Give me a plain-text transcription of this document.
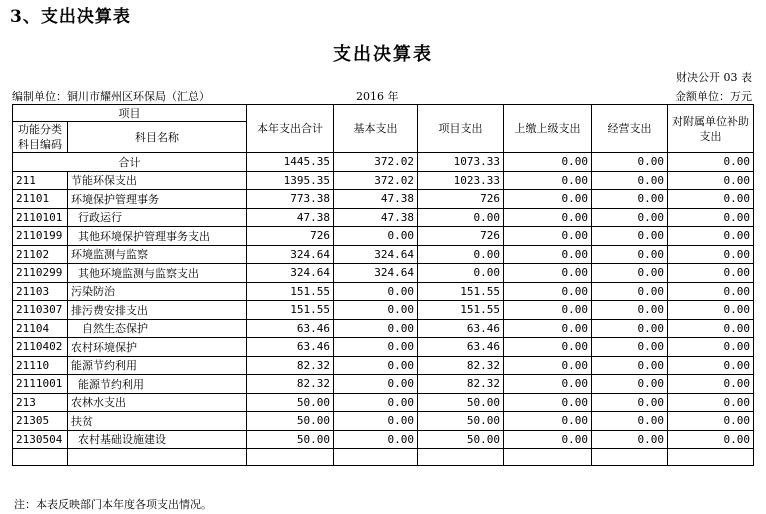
3、支出决算表
支出决算表
财决公开 03 表
编制单位：铜川市耀州区环保局（汇总）	2016 年	金额单位：万元
项目		本年支出合计	基本支出	项目支出	上缴上级支出	经营支出	对附属单位补助支出
功能分类科目编码	科目名称						
合计		1445.35	372.02	1073.33	0.00	0.00	0.00
211	节能环保支出	1395.35	372.02	1023.33	0.00	0.00	0.00
21101	环境保护管理事务	773.38	47.38	726	0.00	0.00	0.00
2110101	行政运行	47.38	47.38	0.00	0.00	0.00	0.00
2110199	其他环境保护管理事务支出	726	0.00	726	0.00	0.00	0.00
21102	环境监测与监察	324.64	324.64	0.00	0.00	0.00	0.00
2110299	其他环境监测与监察支出	324.64	324.64	0.00	0.00	0.00	0.00
21103	污染防治	151.55	0.00	151.55	0.00	0.00	0.00
2110307	排污费安排支出	151.55	0.00	151.55	0.00	0.00	0.00
21104	自然生态保护	63.46	0.00	63.46	0.00	0.00	0.00
2110402	农村环境保护	63.46	0.00	63.46	0.00	0.00	0.00
21110	能源节约利用	82.32	0.00	82.32	0.00	0.00	0.00
2111001	能源节约利用	82.32	0.00	82.32	0.00	0.00	0.00
213	农林水支出	50.00	0.00	50.00	0.00	0.00	0.00
21305	扶贫	50.00	0.00	50.00	0.00	0.00	0.00
2130504	农村基础设施建设	50.00	0.00	50.00	0.00	0.00	0.00

注：本表反映部门本年度各项支出情况。
